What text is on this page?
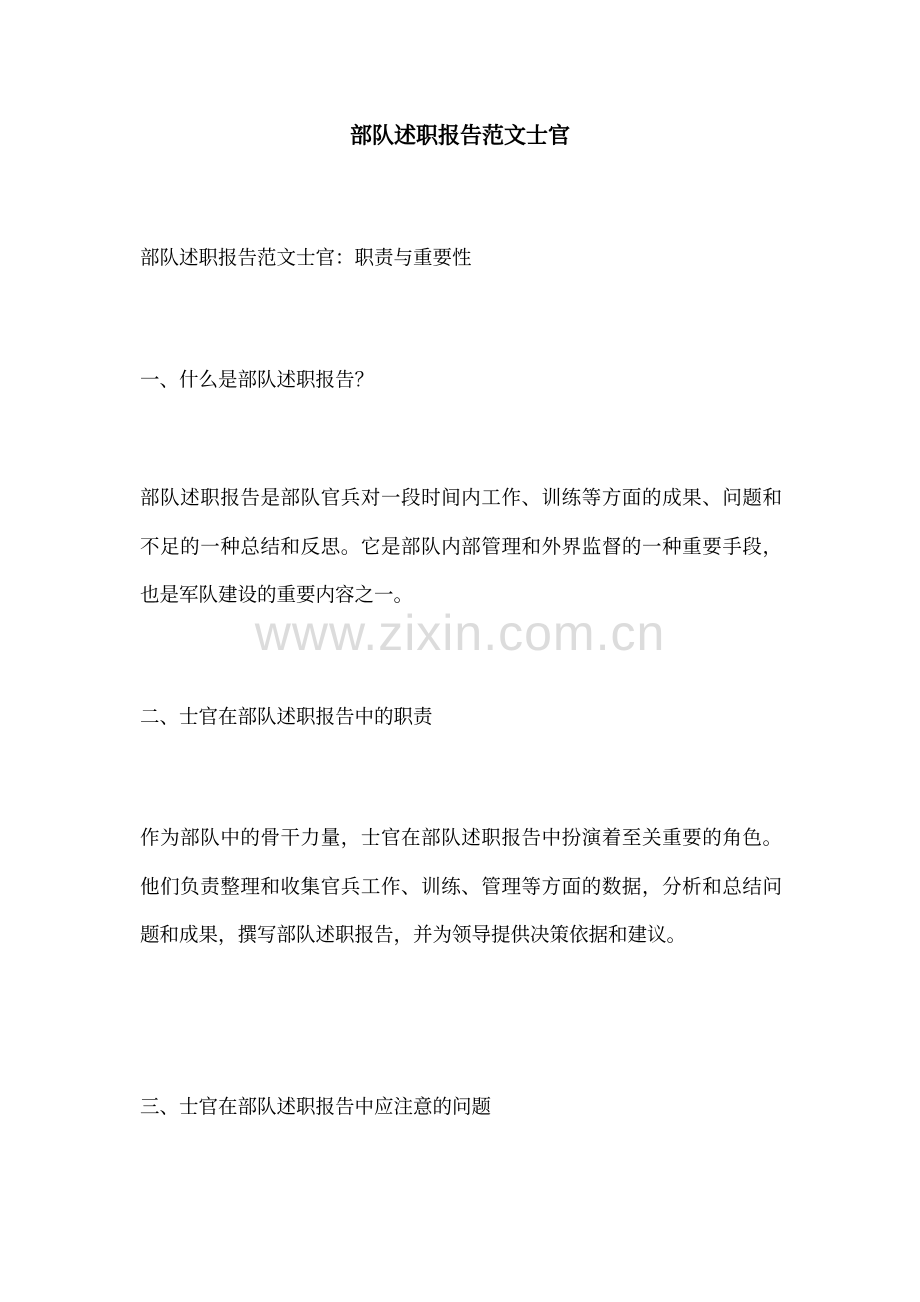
部队述职报告范文士官

部队述职报告范文士官：职责与重要性

一、什么是部队述职报告？

部队述职报告是部队官兵对一段时间内工作、训练等方面的成果、问题和不足的一种总结和反思。它是部队内部管理和外界监督的一种重要手段，也是军队建设的重要内容之一。

www.zixin.com.cn

二、士官在部队述职报告中的职责

作为部队中的骨干力量，士官在部队述职报告中扮演着至关重要的角色。他们负责整理和收集官兵工作、训练、管理等方面的数据，分析和总结问题和成果，撰写部队述职报告，并为领导提供决策依据和建议。

三、士官在部队述职报告中应注意的问题
